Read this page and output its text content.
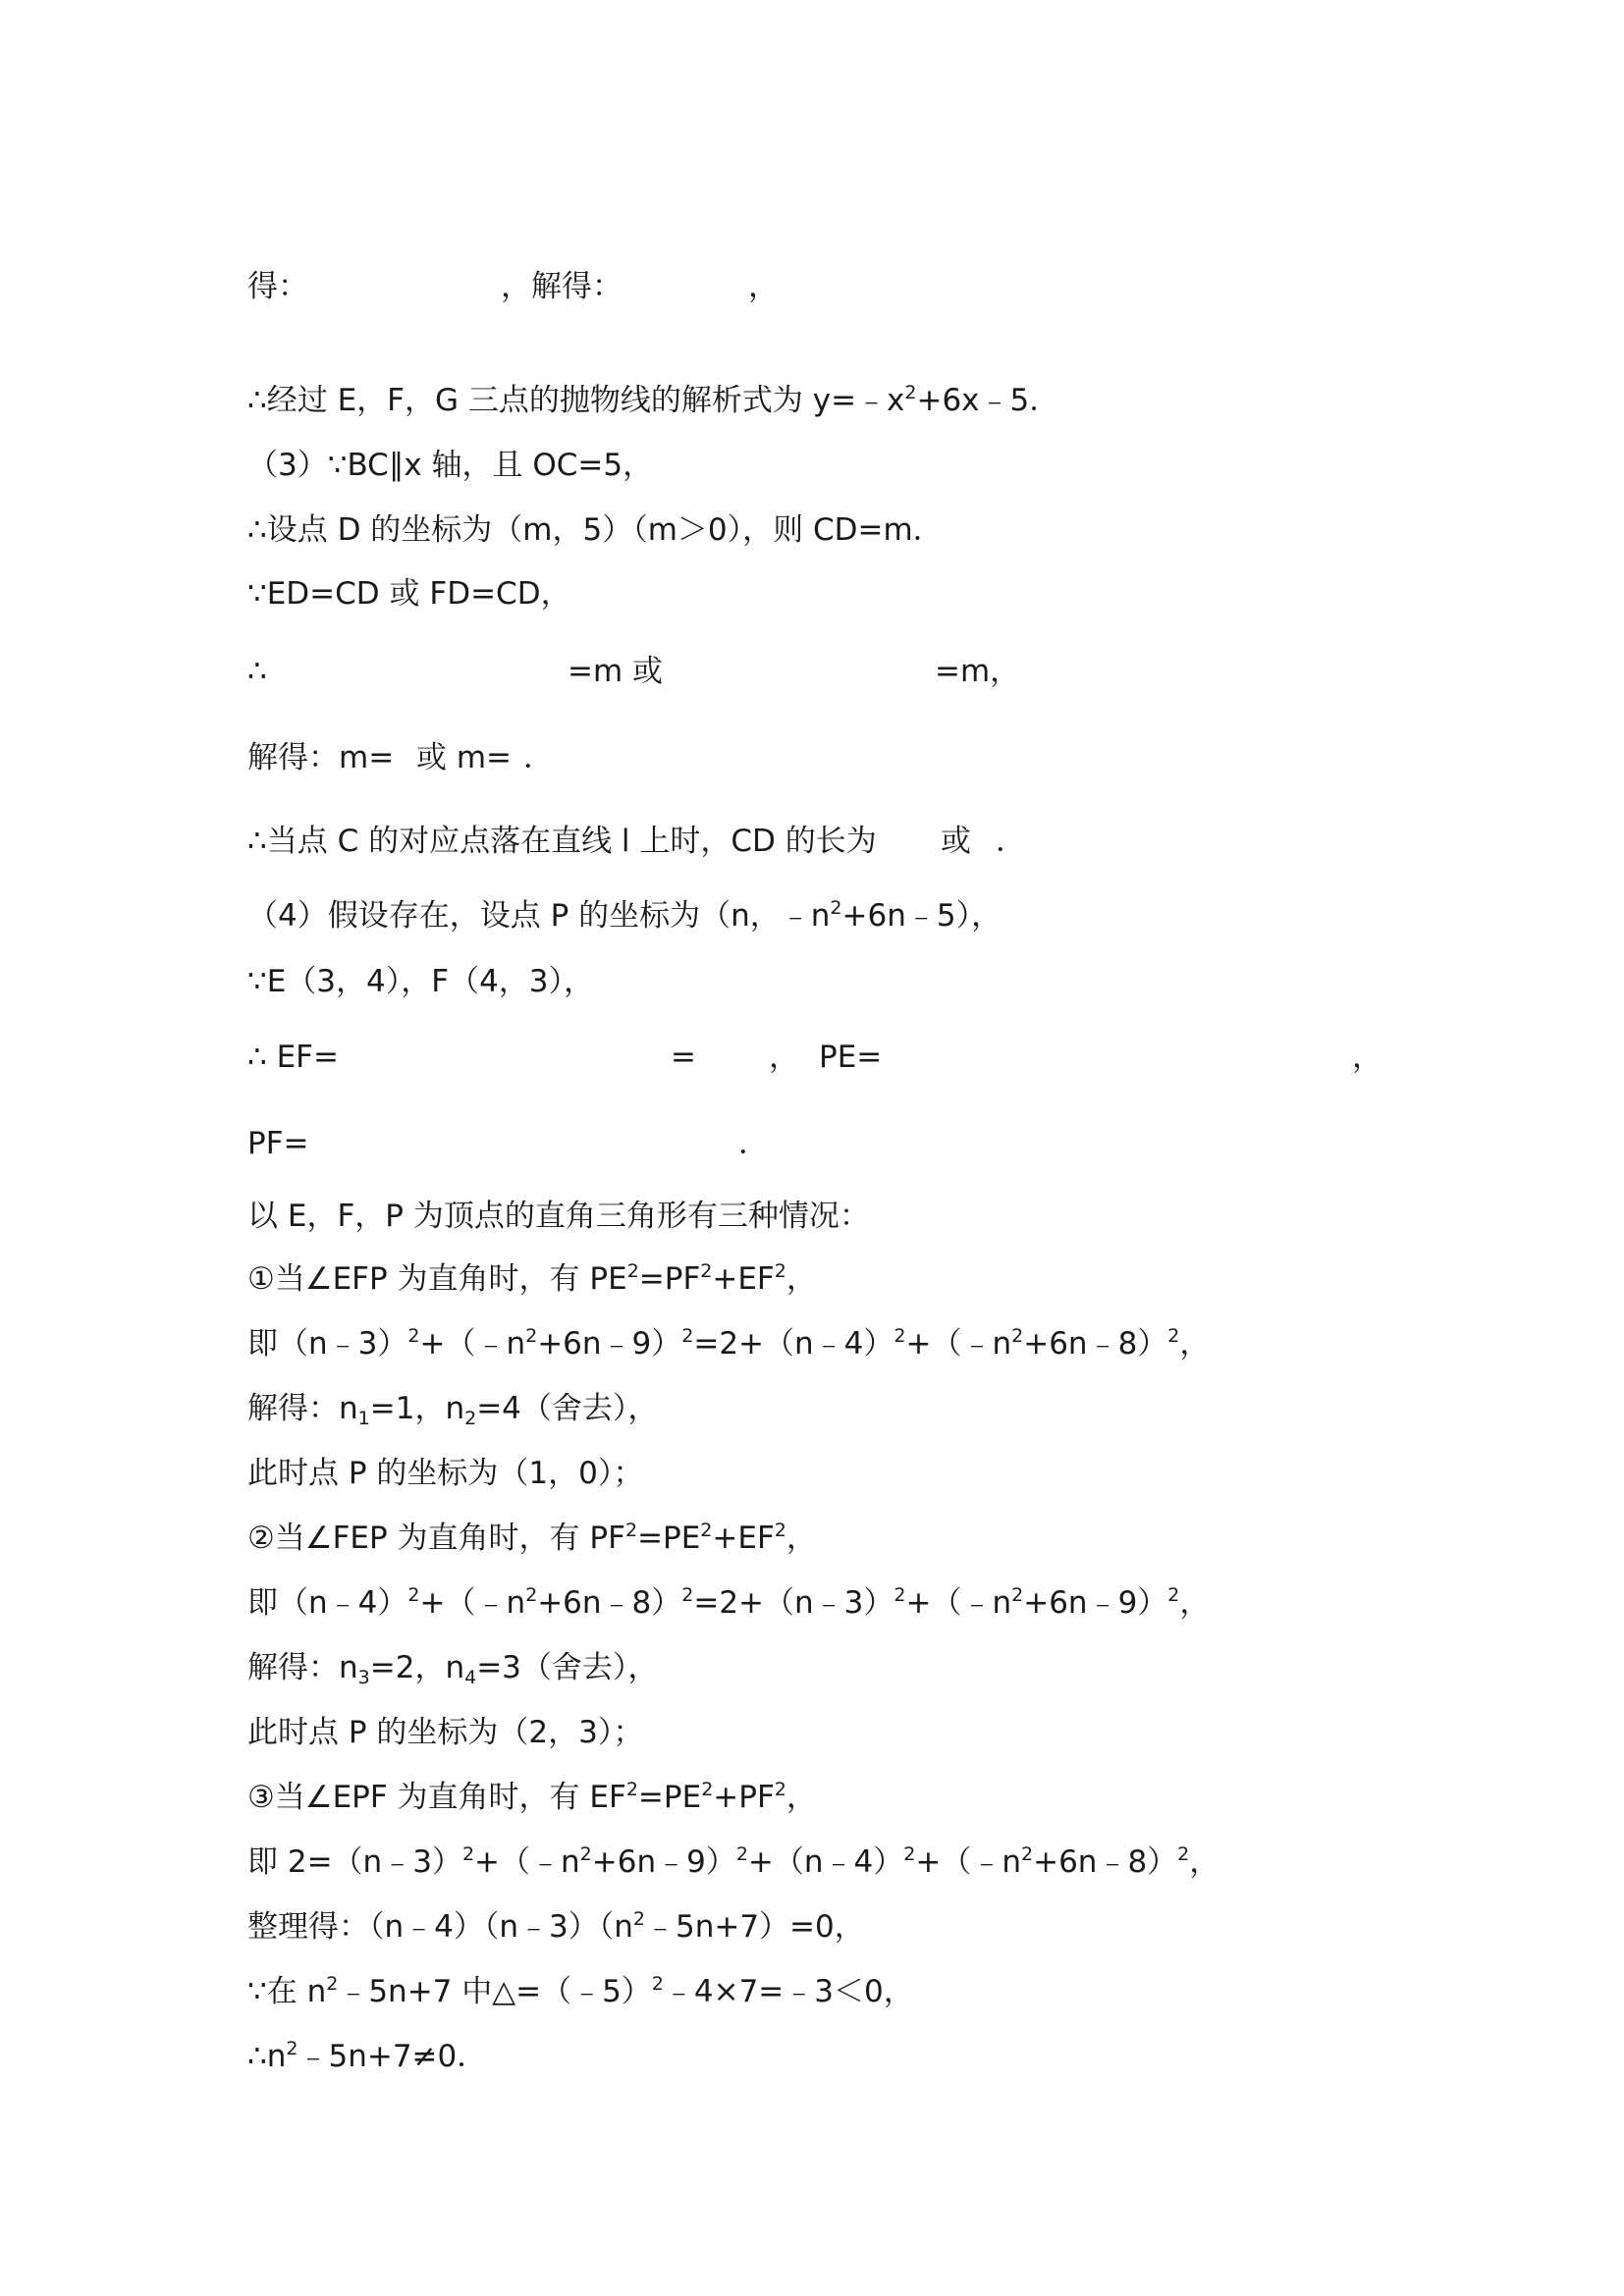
得：	，解得：	，
∴经过 E，F，G 三点的抛物线的解析式为 $y=﹣x^2+6x﹣5$．
（3）∵BC∥x 轴，且 OC=5，
∴设点 D 的坐标为（m，5）（m＞0），则 CD=m．
∵ED=CD 或 FD=CD，
∴	=m 或	=m，
解得：m= 或 m= ．
∴当点 C 的对应点落在直线 l 上时，CD 的长为 或 ．
（4）假设存在，设点 P 的坐标为（n，$﹣n^2+6n﹣5$），
∵E（3，4），F（4，3），
∴ EF=	= ， PE=	，
PF=	．
以 E，F，P 为顶点的直角三角形有三种情况：
①当∠EFP 为直角时，有 $PE^2=PF^2+EF^2$，
即$(n﹣3)^2+(﹣n^2+6n﹣9)^2=2+(n﹣4)^2+(﹣n^2+6n﹣8)^2$，
解得：$n_1=1$，$n_2=4$（舍去），
此时点 P 的坐标为（1，0）；
②当∠FEP 为直角时，有 $PF^2=PE^2+EF^2$，
即$(n﹣4)^2+(﹣n^2+6n﹣8)^2=2+(n﹣3)^2+(﹣n^2+6n﹣9)^2$，
解得：$n_3=2$，$n_4=3$（舍去），
此时点 P 的坐标为（2，3）；
③当∠EPF 为直角时，有 $EF^2=PE^2+PF^2$，
即 $2=(n﹣3)^2+(﹣n^2+6n﹣9)^2+(n﹣4)^2+(﹣n^2+6n﹣8)^2$，
整理得：$(n﹣4)(n﹣3)(n^2﹣5n+7)=0$，
∵在 $n^2﹣5n+7$ 中△=（﹣5）$^2$﹣4×7=﹣3＜0，
$\therefore n^2﹣5n+7\ne 0$．
